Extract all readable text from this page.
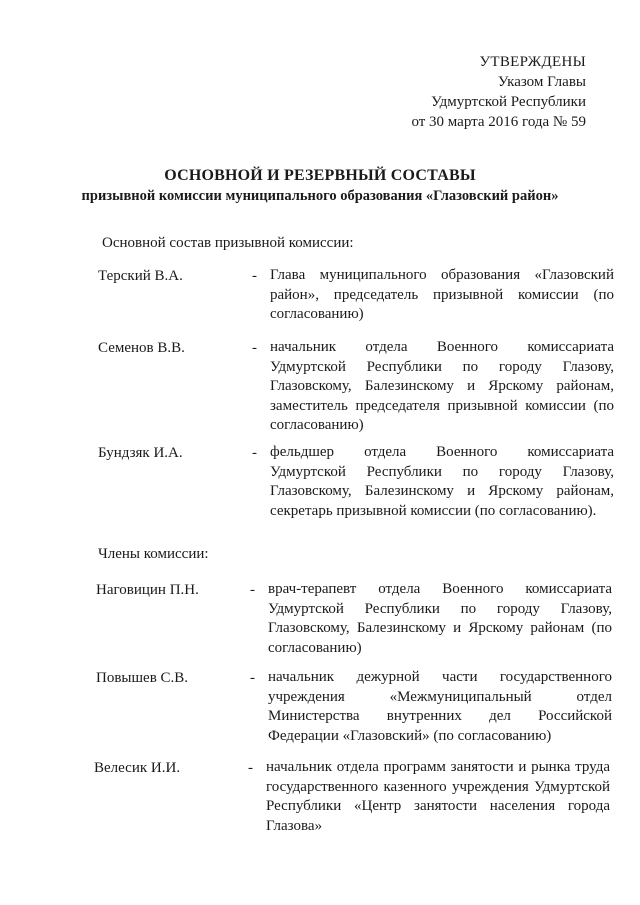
УТВЕРЖДЕНЫ
Указом Главы
Удмуртской Республики
от 30 марта 2016 года № 59
ОСНОВНОЙ И РЕЗЕРВНЫЙ СОСТАВЫ
призывной комиссии муниципального образования «Глазовский район»
Основной состав призывной комиссии:
Терский В.А.	- Глава муниципального образования «Глазовский район», председатель призывной комиссии (по согласованию)
Семенов В.В.	- начальник отдела Военного комиссариата Удмуртской Республики по городу Глазову, Глазовскому, Балезинскому и Ярскому районам, заместитель председателя призывной комиссии (по согласованию)
Бундзяк И.А.	- фельдшер отдела Военного комиссариата Удмуртской Республики по городу Глазову, Глазовскому, Балезинскому и Ярскому районам, секретарь призывной комиссии (по согласованию).
Члены комиссии:
Наговицин П.Н.	- врач-терапевт отдела Военного комиссариата Удмуртской Республики по городу Глазову, Глазовскому, Балезинскому и Ярскому районам (по согласованию)
Повышев С.В.	- начальник дежурной части государственного учреждения «Межмуниципальный отдел Министерства внутренних дел Российской Федерации «Глазовский» (по согласованию)
Велесик И.И.	- начальник отдела программ занятости и рынка труда государственного казенного учреждения Удмуртской Республики «Центр занятости населения города Глазова»
